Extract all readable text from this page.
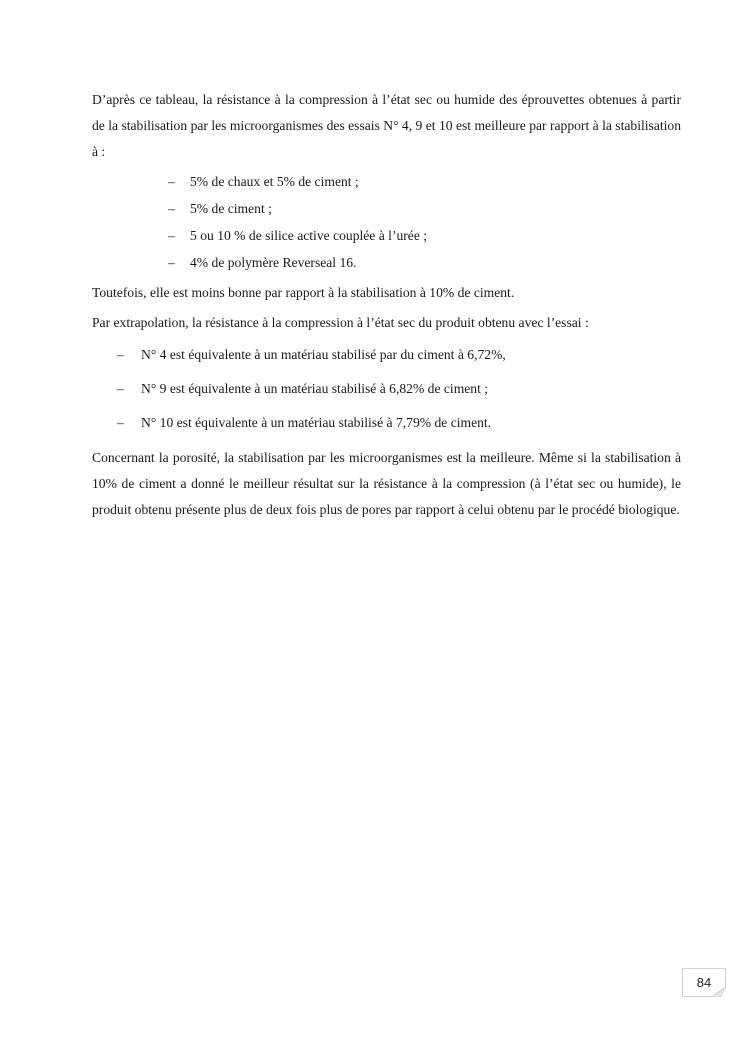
D’après ce tableau, la résistance à la compression à l’état sec ou humide des éprouvettes obtenues à partir de la stabilisation par les microorganismes des essais N° 4, 9 et 10 est meilleure par rapport à la stabilisation à :

– 5% de chaux et 5% de ciment ;
– 5% de ciment ;
– 5 ou 10 % de silice active couplée à l’urée ;
– 4% de polymère Reverseal 16.

Toutefois, elle est moins bonne par rapport à la stabilisation à 10% de ciment.

Par extrapolation, la résistance à la compression à l’état sec du produit obtenu avec l’essai :

– N° 4 est équivalente à un matériau stabilisé par du ciment à 6,72%,
– N° 9 est équivalente à un matériau stabilisé à 6,82% de ciment ;
– N° 10 est équivalente à un matériau stabilisé à 7,79% de ciment.

Concernant la porosité, la stabilisation par les microorganismes est la meilleure. Même si la stabilisation à 10% de ciment a donné le meilleur résultat sur la résistance à la compression (à l’état sec ou humide), le produit obtenu présente plus de deux fois plus de pores par rapport à celui obtenu par le procédé biologique.

84
